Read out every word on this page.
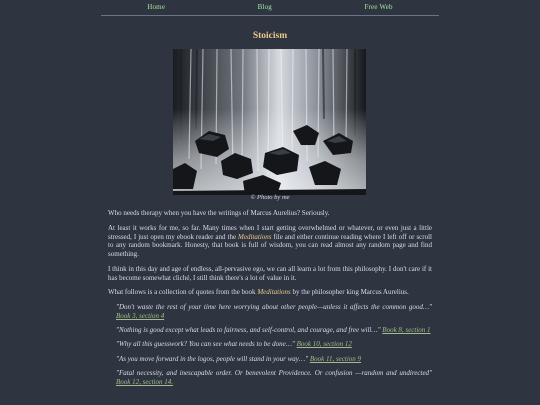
Home	Blog	Free Web
Stoicism
© Photo by me

Who needs therapy when you have the writings of Marcus Aurelius? Seriously.

At least it works for me, so far. Many times when I start getting overwhelmed or whatever, or even just a little stressed, I just open my ebook reader and the Meditations file and either continue reading where I left off or scroll to any random bookmark. Honesty, that book is full of wisdom, you can read almost any random page and find something.

I think in this day and age of endless, all-pervasive ego, we can all learn a lot from this philosophy. I don't care if it has become somewhat cliché, I still think there's a lot of value in it.

What follows is a collection of quotes from the book Meditations by the philosopher king Marcus Aurelius.

"Don't waste the rest of your time here worrying about other people—unless it affects the common good…" Book 3, section 4

"Nothing is good except what leads to fairness, and self-control, and courage, and free will…" Book 8, section 1

"Why all this guesswork? You can see what needs to be done…" Book 10, section 12

"As you move forward in the logos, people will stand in your way…" Book 11, section 9

"Fatal necessity, and inescapable order. Or benevolent Providence. Or confusion —random and undirected" Book 12, section 14.
